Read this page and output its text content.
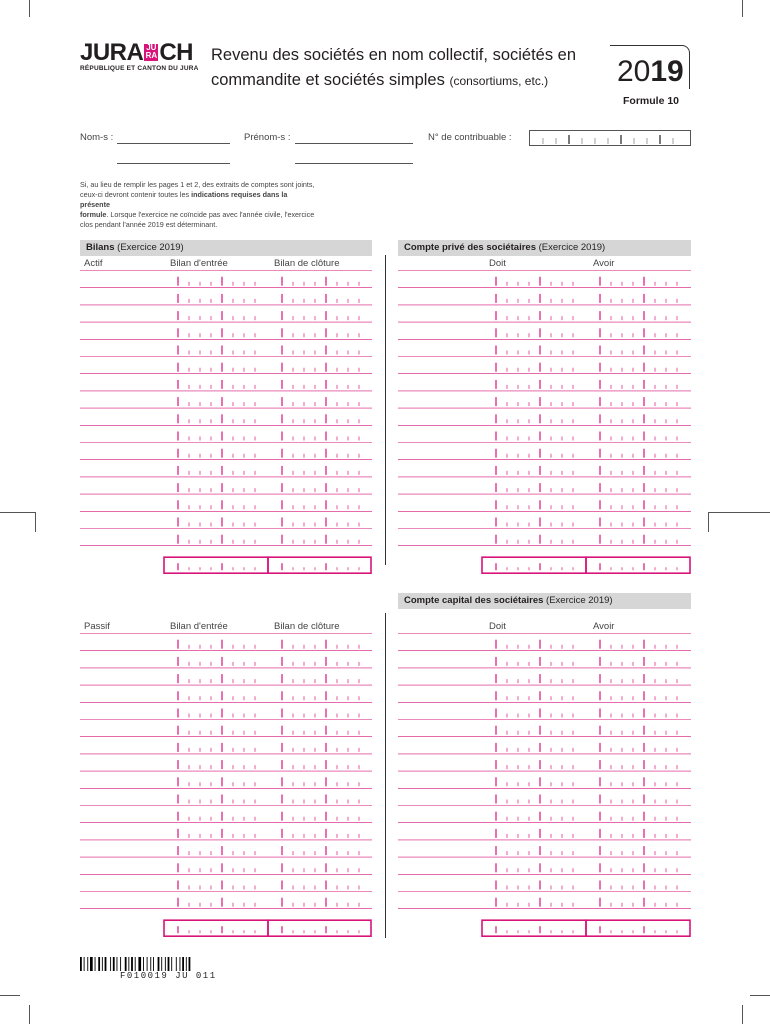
JURA JU
RACH
RÉPUBLIQUE ET CANTON DU JURA
Revenu des sociétés en nom collectif, sociétés en
commandite et sociétés simples (consortiums, etc.)	2019
Formule 10
Nom-s :	Prénom-s :	N° de contribuable :
Si, au lieu de remplir les pages 1 et 2, des extraits de comptes sont joints,
ceux-ci devront contenir toutes les indications requises dans la présente
formule. Lorsque l'exercice ne coïncide pas avec l'année civile, l'exercice
clos pendant l'année 2019 est déterminant.
Bilans (Exercice 2019)
Actif	Bilan d'entrée	Bilan de clôture
Compte privé des sociétaires (Exercice 2019)
Doit	Avoir
Compte capital des sociétaires (Exercice 2019)
Passif	Bilan d'entrée	Bilan de clôture	Doit	Avoir
F010019 JU 011
